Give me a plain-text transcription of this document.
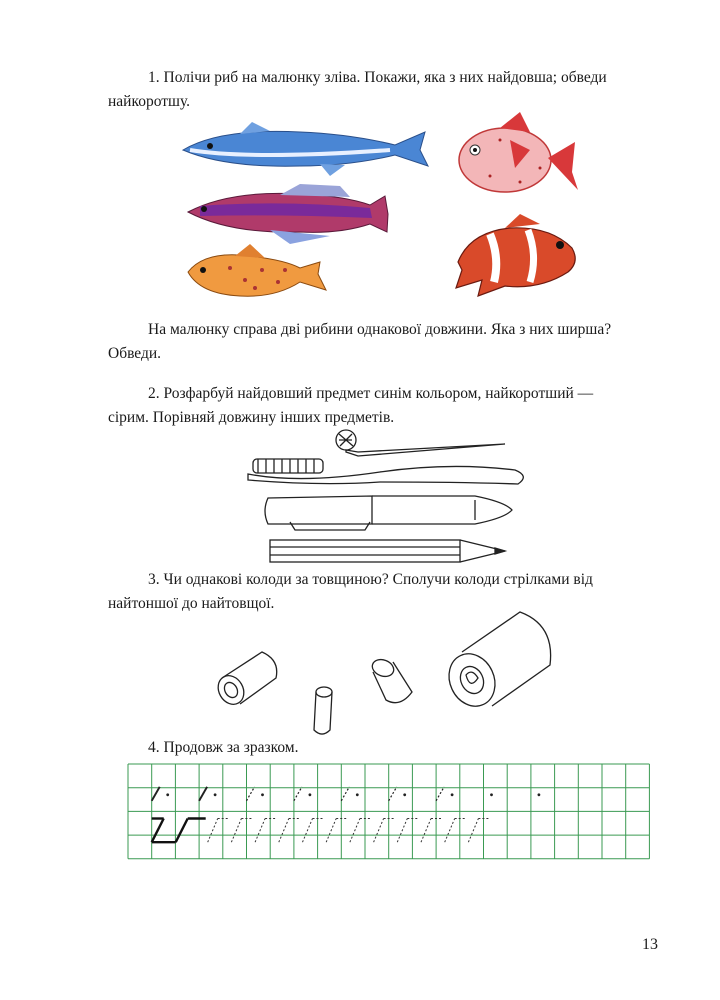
1. Полічи риб на малюнку зліва. Покажи, яка з них найдовша; обведи
найкоротшу.

На малюнку справа дві рибини однакової довжини. Яка з них ширша?
Обведи.

2. Розфарбуй найдовший предмет синім кольором, найкоротший —
сірим. Порівняй довжину інших предметів.

3. Чи однакові колоди за товщиною? Сполучи колоди стрілками від
найтоншої до найтовщої.

4. Продовж за зразком.

13
